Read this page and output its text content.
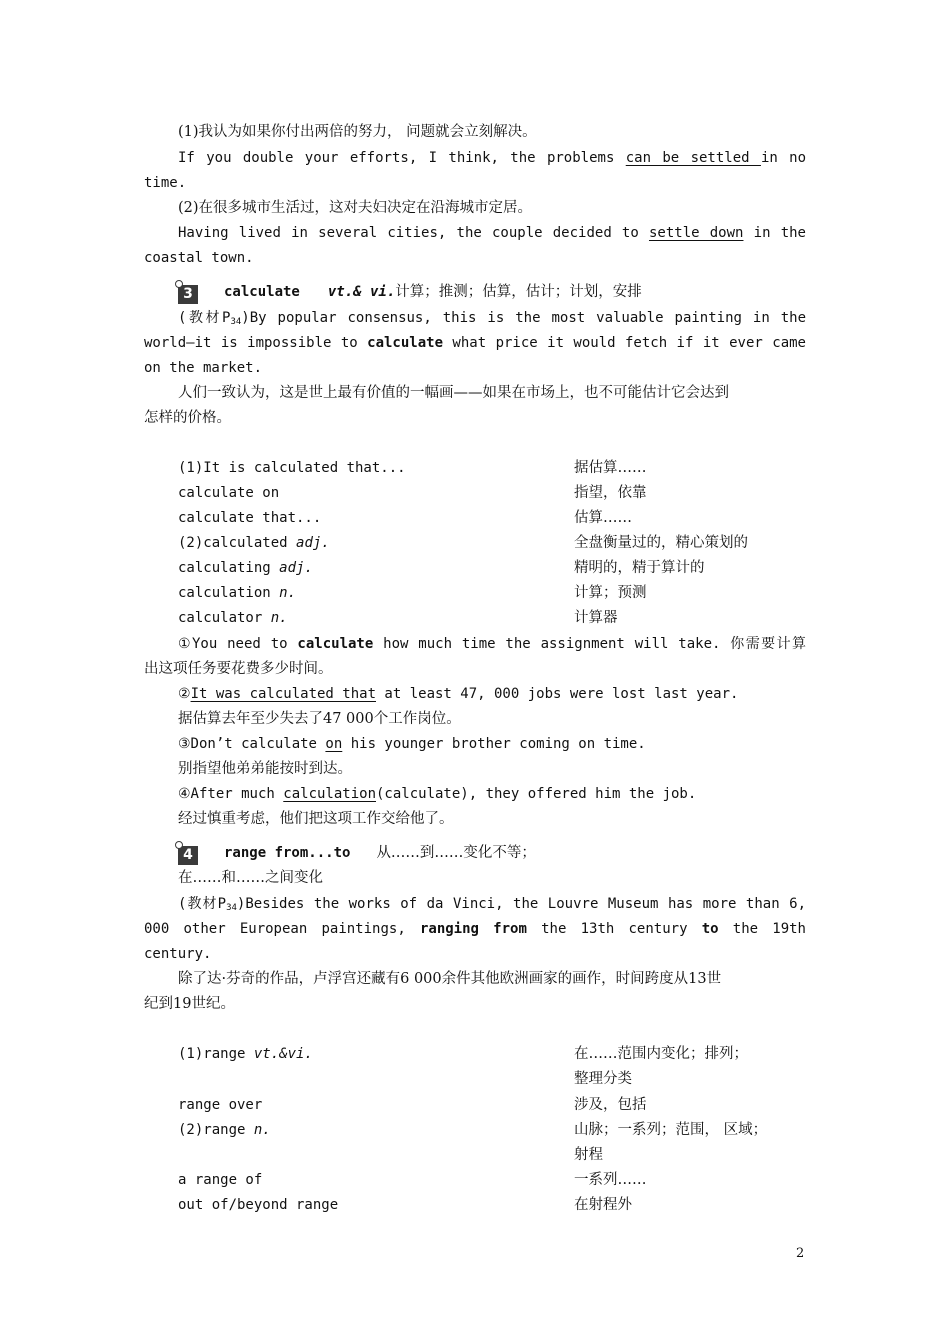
(1)我认为如果你付出两倍的努力， 问题就会立刻解决。
If you double your efforts, I think, the problems can be settled in no
time.
(2)在很多城市生活过，这对夫妇决定在沿海城市定居。
Having lived in several cities, the couple decided to settle down in the
coastal town.
3 calculate vt.& vi.计算；推测；估算，估计；计划，安排
(教材$P_{34})By$ popular consensus, this is the most valuable painting in the
world—it is impossible to calculate what price it would fetch if it ever came
on the market.
人们一致认为，这是世上最有价值的一幅画——如果在市场上，也不可能估计它会达到
怎样的价格。
(1)It is calculated that...	据估算……
calculate on	指望，依靠
calculate that...	估算……
(2)calculated adj.	全盘衡量过的，精心策划的
calculating adj.	精明的，精于算计的
calculation n.	计算；预测
calculator n.	计算器
①You need to calculate how much time the assignment will take. 你需要计算
出这项任务要花费多少时间。
②It was calculated that at least 47, 000 jobs were lost last year.
据估算去年至少失去了47 000个工作岗位。
③Don’t calculate on his younger brother coming on time.
别指望他弟弟能按时到达。
④After much calculation(calculate), they offered him the job.
经过慎重考虑，他们把这项工作交给他了。
4 range from...to 从……到……变化不等；
在……和……之间变化
(教材$P_{34})Besides$ the works of da Vinci, the Louvre Museum has more than 6,
000 other European paintings, ranging from the 13th century to the 19th
century.
除了达·芬奇的作品，卢浮宫还藏有6 000余件其他欧洲画家的画作，时间跨度从13世
纪到19世纪。
(1)range vt.&vi.	在……范围内变化；排列；
整理分类
range over	涉及，包括
(2)range n.	山脉；一系列；范围， 区域；
射程
a range of	一系列……
out of/beyond range	在射程外
2
